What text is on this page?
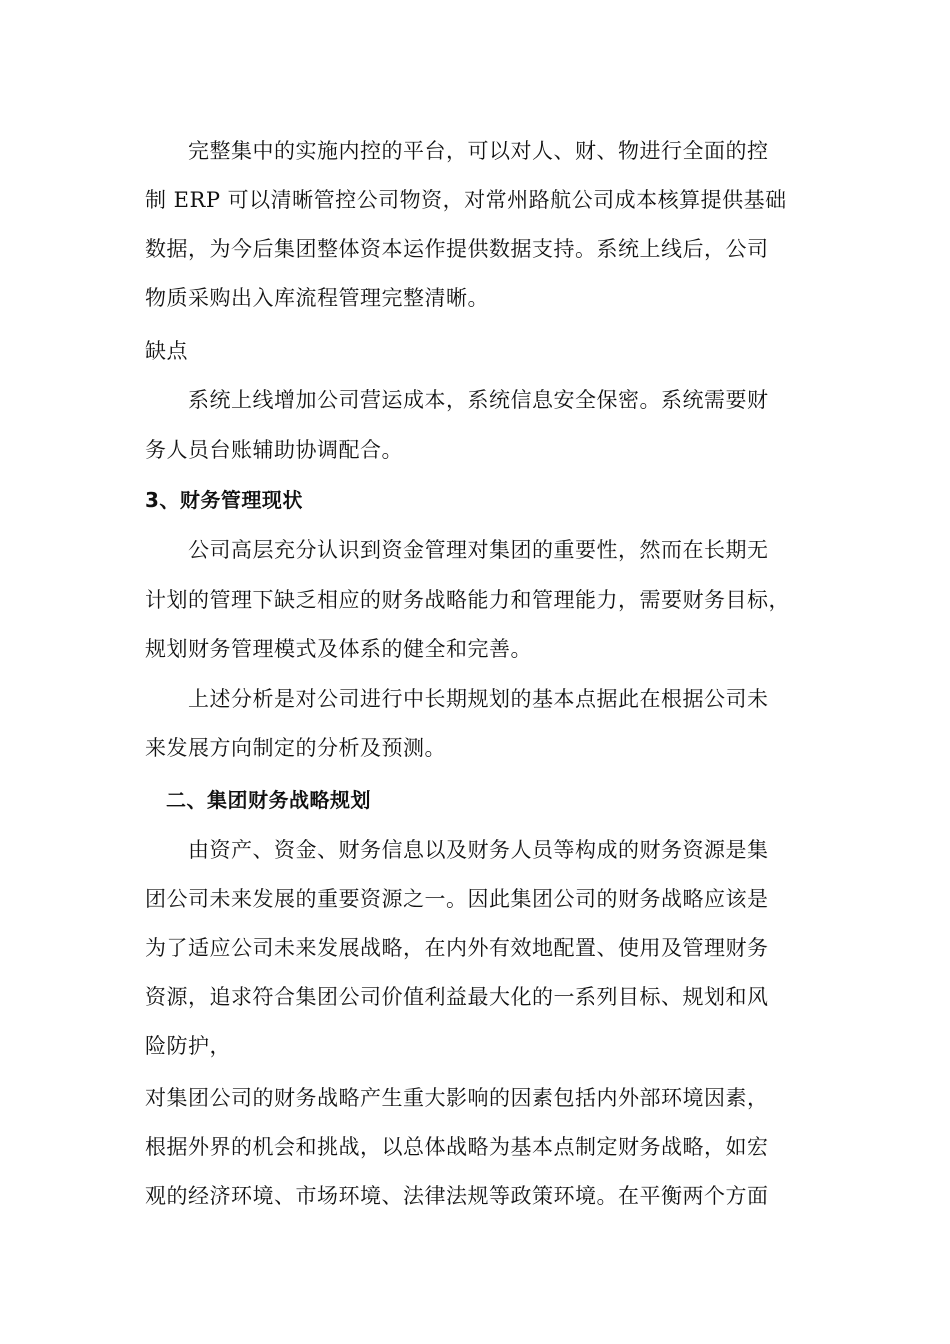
完整集中的实施内控的平台，可以对人、财、物进行全面的控
制 ERP 可以清晰管控公司物资，对常州路航公司成本核算提供基础
数据，为今后集团整体资本运作提供数据支持。系统上线后，公司
物质采购出入库流程管理完整清晰。
缺点
系统上线增加公司营运成本，系统信息安全保密。系统需要财
务人员台账辅助协调配合。
3、财务管理现状
公司高层充分认识到资金管理对集团的重要性，然而在长期无
计划的管理下缺乏相应的财务战略能力和管理能力，需要财务目标，
规划财务管理模式及体系的健全和完善。
上述分析是对公司进行中长期规划的基本点据此在根据公司未
来发展方向制定的分析及预测。
二、集团财务战略规划
由资产、资金、财务信息以及财务人员等构成的财务资源是集
团公司未来发展的重要资源之一。因此集团公司的财务战略应该是
为了适应公司未来发展战略，在内外有效地配置、使用及管理财务
资源，追求符合集团公司价值利益最大化的一系列目标、规划和风
险防护，
对集团公司的财务战略产生重大影响的因素包括内外部环境因素，
根据外界的机会和挑战，以总体战略为基本点制定财务战略，如宏
观的经济环境、市场环境、法律法规等政策环境。在平衡两个方面
